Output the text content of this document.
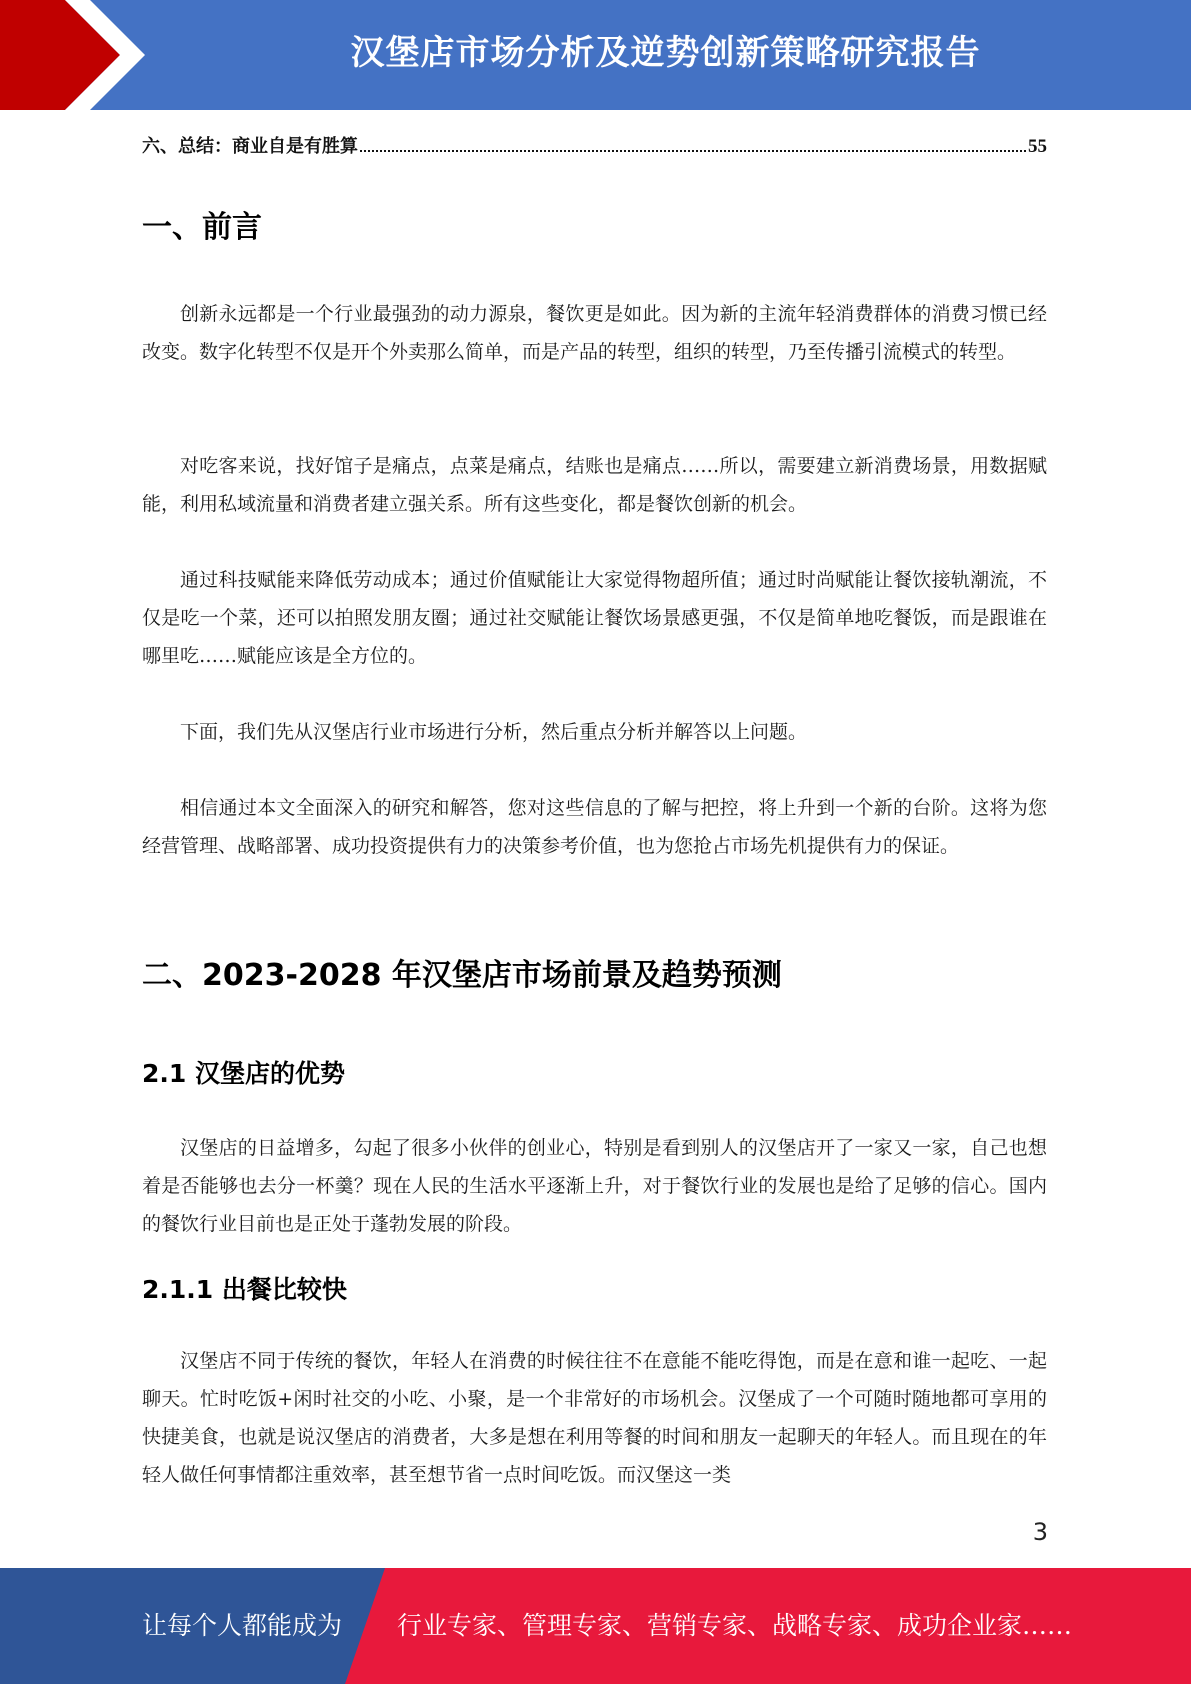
汉堡店市场分析及逆势创新策略研究报告
六、总结：商业自是有胜算	55
一、前言

创新永远都是一个行业最强劲的动力源泉，餐饮更是如此。因为新的主流年轻消费群体的消费习惯已经改变。数字化转型不仅是开个外卖那么简单，而是产品的转型，组织的转型，乃至传播引流模式的转型。

对吃客来说，找好馆子是痛点，点菜是痛点，结账也是痛点……所以，需要建立新消费场景，用数据赋能，利用私域流量和消费者建立强关系。所有这些变化，都是餐饮创新的机会。

通过科技赋能来降低劳动成本；通过价值赋能让大家觉得物超所值；通过时尚赋能让餐饮接轨潮流，不仅是吃一个菜，还可以拍照发朋友圈；通过社交赋能让餐饮场景感更强，不仅是简单地吃餐饭，而是跟谁在哪里吃……赋能应该是全方位的。

下面，我们先从汉堡店行业市场进行分析，然后重点分析并解答以上问题。

相信通过本文全面深入的研究和解答，您对这些信息的了解与把控，将上升到一个新的台阶。这将为您经营管理、战略部署、成功投资提供有力的决策参考价值，也为您抢占市场先机提供有力的保证。

二、2023-2028 年汉堡店市场前景及趋势预测
2.1 汉堡店的优势

汉堡店的日益增多，勾起了很多小伙伴的创业心，特别是看到别人的汉堡店开了一家又一家，自己也想着是否能够也去分一杯羹？现在人民的生活水平逐渐上升，对于餐饮行业的发展也是给了足够的信心。国内的餐饮行业目前也是正处于蓬勃发展的阶段。

2.1.1 出餐比较快

汉堡店不同于传统的餐饮，年轻人在消费的时候往往不在意能不能吃得饱，而是在意和谁一起吃、一起聊天。忙时吃饭+闲时社交的小吃、小聚，是一个非常好的市场机会。汉堡成了一个可随时随地都可享用的快捷美食，也就是说汉堡店的消费者，大多是想在利用等餐的时间和朋友一起聊天的年轻人。而且现在的年轻人做任何事情都注重效率，甚至想节省一点时间吃饭。而汉堡这一类

3
让每个人都能成为 行业专家、管理专家、营销专家、战略专家、成功企业家……
